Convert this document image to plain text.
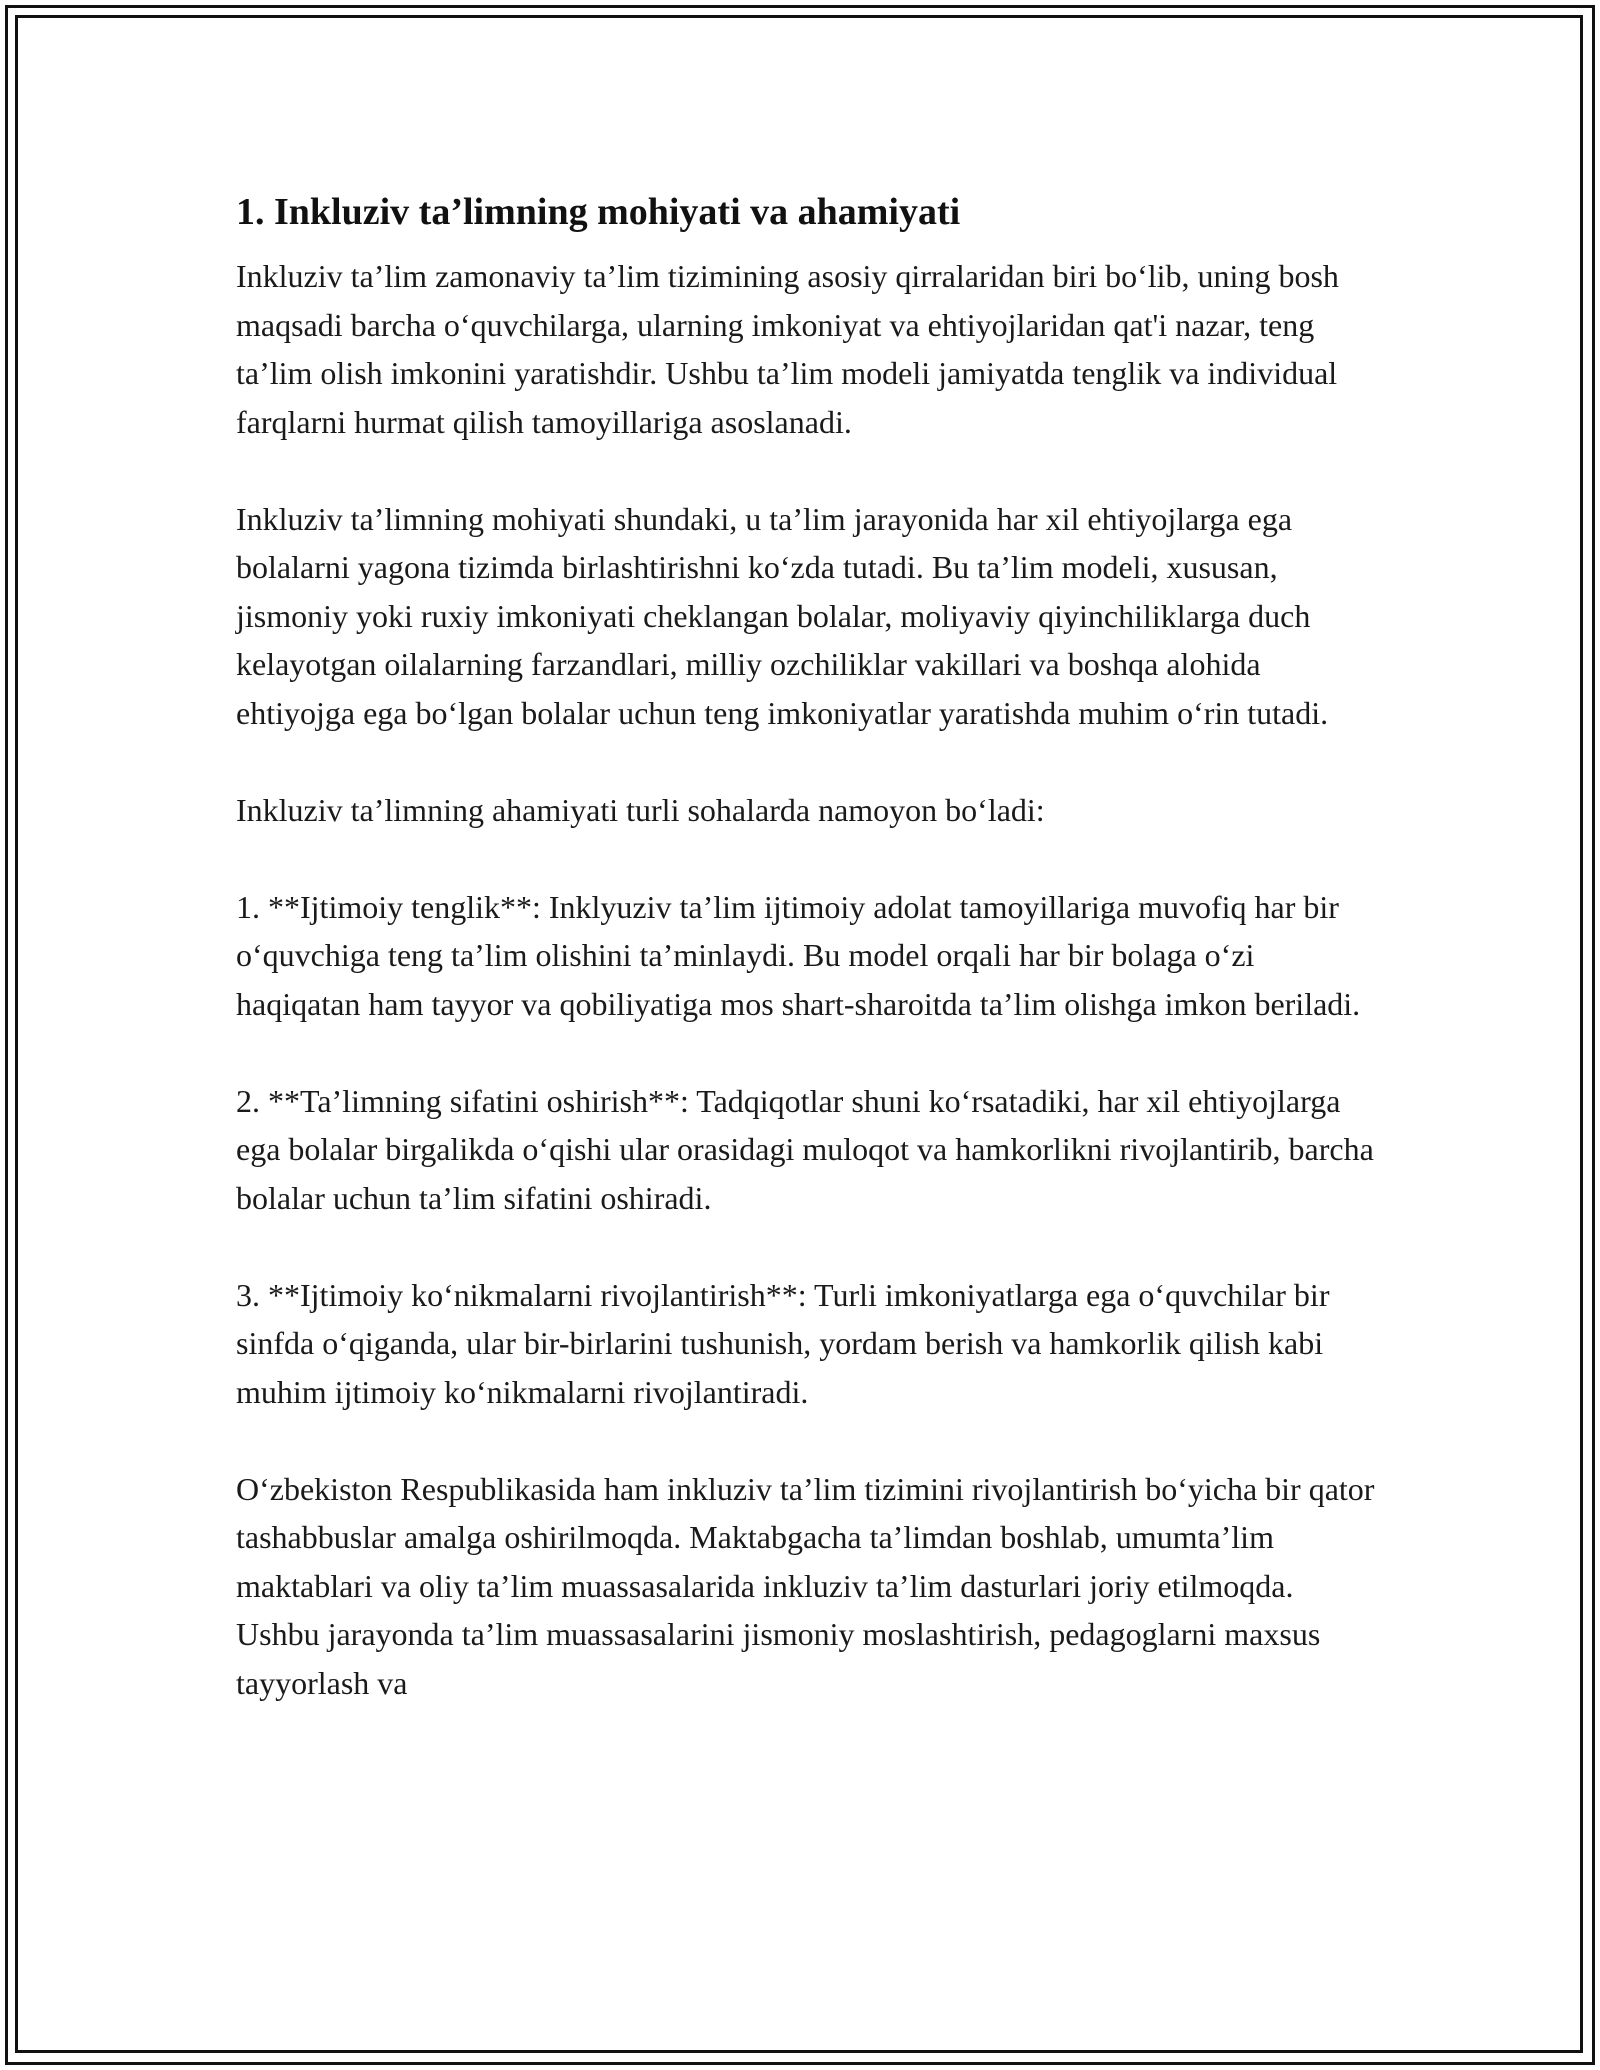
1. Inkluziv ta’limning mohiyati va ahamiyati

Inkluziv ta’lim zamonaviy ta’lim tizimining asosiy qirralaridan biri bo‘lib, uning bosh maqsadi barcha o‘quvchilarga, ularning imkoniyat va ehtiyojlaridan qat'i nazar, teng ta’lim olish imkonini yaratishdir. Ushbu ta’lim modeli jamiyatda tenglik va individual farqlarni hurmat qilish tamoyillariga asoslanadi.

Inkluziv ta’limning mohiyati shundaki, u ta’lim jarayonida har xil ehtiyojlarga ega bolalarni yagona tizimda birlashtirishni ko‘zda tutadi. Bu ta’lim modeli, xususan, jismoniy yoki ruxiy imkoniyati cheklangan bolalar, moliyaviy qiyinchiliklarga duch kelayotgan oilalarning farzandlari, milliy ozchiliklar vakillari va boshqa alohida ehtiyojga ega bo‘lgan bolalar uchun teng imkoniyatlar yaratishda muhim o‘rin tutadi.

Inkluziv ta’limning ahamiyati turli sohalarda namoyon bo‘ladi:

1. **Ijtimoiy tenglik**: Inklyuziv ta’lim ijtimoiy adolat tamoyillariga muvofiq har bir o‘quvchiga teng ta’lim olishini ta’minlaydi. Bu model orqali har bir bolaga o‘zi haqiqatan ham tayyor va qobiliyatiga mos shart-sharoitda ta’lim olishga imkon beriladi.

2. **Ta’limning sifatini oshirish**: Tadqiqotlar shuni ko‘rsatadiki, har xil ehtiyojlarga ega bolalar birgalikda o‘qishi ular orasidagi muloqot va hamkorlikni rivojlantirib, barcha bolalar uchun ta’lim sifatini oshiradi.

3. **Ijtimoiy ko‘nikmalarni rivojlantirish**: Turli imkoniyatlarga ega o‘quvchilar bir sinfda o‘qiganda, ular bir-birlarini tushunish, yordam berish va hamkorlik qilish kabi muhim ijtimoiy ko‘nikmalarni rivojlantiradi.

O‘zbekiston Respublikasida ham inkluziv ta’lim tizimini rivojlantirish bo‘yicha bir qator tashabbuslar amalga oshirilmoqda. Maktabgacha ta’limdan boshlab, umumta’lim maktablari va oliy ta’lim muassasalarida inkluziv ta’lim dasturlari joriy etilmoqda. Ushbu jarayonda ta’lim muassasalarini jismoniy moslashtirish, pedagoglarni maxsus tayyorlash va
